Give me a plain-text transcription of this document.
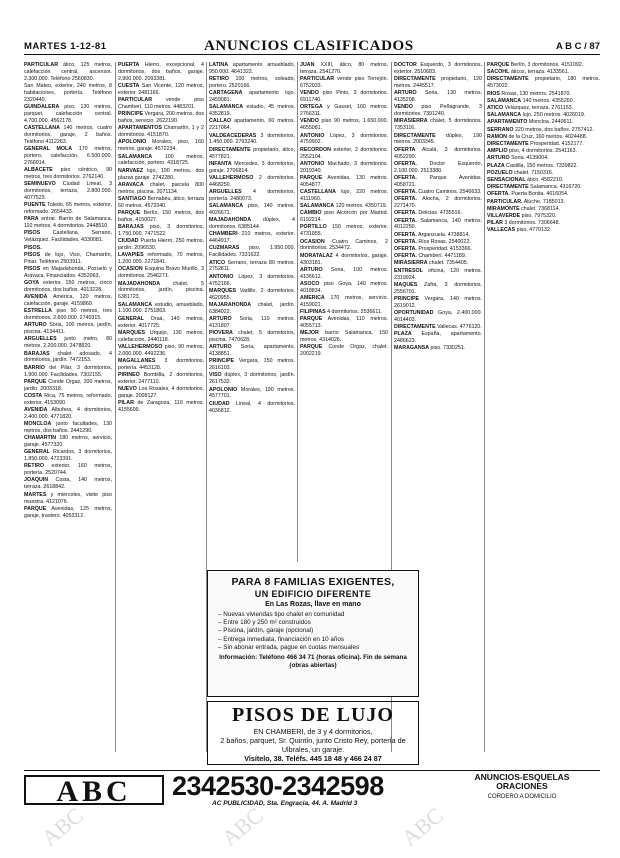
MARTES 1-12-81	ANUNCIOS CLASIFICADOS	A B C / 87

PARTICULAR ático, 125 metros, calefacción central, ascensor. 2.300.000. Teléfono 2560830.

San Mateo, exterior, 240 metros, 8 habitaciones, portería. Teléfono 2320440.

GUINDALERA piso, 130 metros, parquet, calefacción central. 4.700.000. 4562178.

CASTELLANA 140 metros, cuatro dormitorios, garaje, 2 baños. Teléfono 4112263.

GENERAL MOLA 170 metros, portero, calefacción. 6.500.000. 2766014.

ALBACETE piso céntrico, 90 metros, tres dormitorios. 2762140.

SEMINUEVO Ciudad Lineal, 3 dormitorios, terraza, 2.800.000. 4077523.

PUENTE Toledo, 65 metros, exterior, reformado. 2654433.

PARA entrar. Barrio de Salamanca, 110 metros, 4 dormitorios. 2448510.

PISOS Castellana, Serrano, Velázquez. Facilidades. 4330081.

PISOS.

PISOS de lujo, Viso, Chamartín, Pinar. Teléfono 2503911.

PISOS en Majadahonda, Pozuelo y Aravaca. Financiados. 4352063.

GOYA exterior, 150 metros, cinco dormitorios, dos baños. 4013228.

AVENIDA América, 120 metros, calefacción, garaje. 4159860.

ESTRELLA piso 90 metros, tres dormitorios, 2.600.000. 2740315.

ARTURO Soria, 100 metros, jardín, piscina. 4134411.

ARGUELLES junto metro, 80 metros, 2.200.000. 2478820.

BARAJAS chalet adosado, 4 dormitorios, jardín. 7472153.

BARRIO del Pilar, 3 dormitorios, 1.900.000. Facilidades. 7302155.

PARQUE Conde Orgaz, 200 metros, jardín. 2003318.

COSTA Rica, 75 metros, reformado, exterior. 4153090.

AVENIDA Albufera, 4 dormitorios, 2.400.000. 4771820.

MONCLOA junto facultades, 130 metros, dos baños. 2441290.

CHAMARTIN 180 metros, servicio, garaje. 4577320.

GENERAL Ricardos, 3 dormitorios, 1.850.000. 4723391.

RETIRO exterior, 160 metros, portería. 2520744.

JOAQUIN Costa, 140 metros, terraza. 2618842.

MARTES y miércoles, visite piso muestra. 4121076.

PARQUE Avenidas, 125 metros, garaje, trastero. 4053312.

PUERTA Hierro, excepcional, 4 dormitorios, dos baños, garaje. 2.900.000. 2093381.

CUESTA San Vicente, 120 metros, exterior. 2481166.

PARTICULAR vende piso Chamberí, 110 metros. 4483201.

PRINCIPE Vergara, 200 metros, dos baños, servicio. 2622190.

APARTAMENTOS Chamartín, 1 y 2 dormitorios. 4151870.

APOLONIO Morales, piso, 160 metros, garaje. 4572234.

SALAMANCA 100 metros, calefacción, portero. 4318725.

NARVAEZ lujo, 190 metros, dos plazas garaje. 2742280.

ARAVACA chalet, parcela 800 metros, piscina. 2071134.

SANTIAGO Bernabéu, ático, terraza 60 metros. 4573340.

PARQUE Berlín, 150 metros, dos baños. 4150027.

BARAJAS piso, 3 dormitorios, 1.750.000. 7471522.

CIUDAD Puerta Hierro, 250 metros, jardín. 2096530.

LAVAPIES reformado, 70 metros, 1.200.000. 2271841.

OCASION Esquina Bravo Murillo, 3 dormitorios. 2546271.

MAJADAHONDA chalet, 5 dormitorios, jardín, piscina. 6381723.

SALAMANCA estudio, amueblado, 1.100.000. 2751863.

GENERAL Oraá, 140 metros, exterior. 4017725.

MARQUES Urquijo, 130 metros, calefacción. 2440118.

VALLEHERMOSO piso, 90 metros, 2.000.000. 4492236.

MAGALLANES 3 dormitorios, portería. 4453128.

PIRINEO Bombilla, 2 dormitorios, exterior. 2477110.

NUEVO Los Rosales, 4 dormitorios, garaje. 2008127.

PILAR de Zaragoza, 110 metros. 4155609.

LATINA apartamento amueblado, 950.000. 4641322.

RETIRO 100 metros, soleado, portero. 2520166.

CARTAGENA apartamento lujo. 2459081.

SALAMANCA estudio, 45 metros. 4352819.

CALLAO apartamento, 60 metros. 2217064.

VALDEACEDERAS 3 dormitorios, 1.450.000. 2793240.

DIRECTAMENTE propietario, ático, 4577821.

INFANTA Mercedes, 3 dormitorios, garaje. 2706814.

VALLEHERMOSO 2 dormitorios. 4468250.

ARGUELLES 4 dormitorios, portería. 2480073.

SALAMANCA piso, 140 metros. 4026671.

MAJADAHONDA dúplex, 4 dormitorios. 6385144.

CHAMBERI 210 metros, exterior. 4464917.

CUZMARAS piso, 1.950.000. Facilidades. 7331622.

ATICO Serrano, terraza 80 metros. 2752811.

ANTONIO López, 3 dormitorios. 4752166.

MARQUES Vadillo, 2 dormitorios. 4620955.

MAJARAHONDA chalet, jardín. 6384022.

ARTURO Soria, 110 metros. 4131807.

PIOVERA chalet, 5 dormitorios, piscina. 7470628.

ARTURO Soria, apartamento. 4138851.

PRINCIPE Vergara, 150 metros. 2616103.

VISO dúplex, 3 dormitorios, jardín. 2617532.

APOLONIO Morales, 190 metros. 4577701.

CIUDAD Lineal, 4 dormitorios. 4036812.

JUAN XXIII, ático, 80 metros, terraza. 2541270.

PARTICULAR vende piso Torrejón. 6752033.

VENDO piso Pinto, 3 dormitorios. 6911740.

ORTEGA y Gasset, 160 metros. 2766311.

VENDO piso 90 metros, 1.650.000. 4655081.

ANTONIO López, 3 dormitorios. 4759902.

RECORDON exterior, 2 dormitorios. 2552104.

ANTONIO Machado, 3 dormitorios. 2019340.

PARQUE Avenidas, 130 metros. 4054877.

CASTELLANA lujo, 220 metros. 4111960.

SALAMANCA 120 metros. 4350719.

CAMBIO piso Alcorcón por Madrid. 6192214.

PORTILLO 150 metros, exterior. 4731055.

OCASION Cuatro Caminos, 2 dormitorios. 2534472.

MORATALAZ 4 dormitorios, garaje. 4303181.

ARTURO Soria, 100 metros. 4136612.

ASOCO piso Goya, 140 metros. 4018834.

AMERICA 170 metros, servicio. 4159021.

FILIPINAS 4 dormitorios. 2536611.

PARQUE Avenidas, 110 metros. 4055713.

MEJOR barrio Salamanca, 150 metros. 4314026.

PARQUE Conde Orgaz, chalet. 2002219.

DOCTOR Esquerdo, 3 dormitorios, exterior. 2510683.

DIRECTAMENTE propietario, 120 metros. 2445517.

ARTURO Soria, 130 metros. 4135208.

VENDO piso Peñagrande, 3 dormitorios. 7391240.

MIRASIERRA chalet, 5 dormitorios. 7353116.

DIRECTAMENTE dúplex, 190 metros. 2003345.

OFERTA Alcalá, 3 dormitorios. 4052290.

OFERTA. Doctor Esquerdo, 2.100.000. 2513380.

OFERTA. Parque Avenidas. 4058721.

OFERTA. Cuatro Caminos. 2546633.

OFERTA. Atocha, 2 dormitorios. 2271470.

OFERTA. Delicias. 4735516.

OFERTA. Salamanca, 140 metros. 4012250.

OFERTA. Arganzuela. 4738814.

OFERTA. Ríos Rosas. 2540022.

OFERTA. Prosperidad. 4153366.

OFERTA. Chamberí. 4471189.

MIRASIERRA chalet. 7354405.

ENTRESOL oficina, 120 metros. 2319924.

MAQUES Zafra, 3 dormitorios. 2556701.

PRINCIPE Vergara, 140 metros. 2619012.

OPORTUNIDAD Goya, 2.400.000. 4014403.

DIRECTAMENTE Vallecas. 4776120.

PLAZA España, apartamento. 2486623.

MARAGANSA piso. 7330251.

PARQUE Berlín, 3 dormitorios. 4151092.

SACOHL áticos, terraza. 4133561.

DIRECTAMENTE propietario, 180 metros. 4573022.

RIOS Rosas, 130 metros. 2541870.

SALAMANCA 140 metros. 4355260.

ATICO Velázquez, terraza. 2761153.

SALAMANCA lujo, 250 metros. 4026019.

APARTAMENTO Moncloa. 2440611.

SERRANO 220 metros, dos baños. 2757412.

RAMON de la Cruz, 160 metros. 4024488.

DIRECTAMENTE Prosperidad. 4152177.

AMPLIO piso, 4 dormitorios. 2541163.

ARTURO Soria. 4139004.

PLAZA Castilla, 150 metros. 7339822.

POZUELO chalet. 7150316.

SENSACIONAL ático. 4582210.

DIRECTAMENTE Salamanca. 4316720.

OFERTA. Puerta Bonita. 4616054.

PARTICULAR. Aluche. 7185013.

MIRAMONTE chalet. 7368114.

VILLAVERDE piso. 7975320.

PILAR 3 dormitorios. 7306648.

VALLECAS piso. 4770132.

PARA 8 FAMILIAS EXIGENTES,
UN EDIFICIO DIFERENTE
En Las Rozas, llave en mano
– Nuevas viviendas tipo chalet en comunidad
– Entre 180 y 250 m² construidos
– Piscina, jardín, garaje (opcional)
– Entrega inmediata, financiación en 10 años
– Sin abonar entrada, pague en cuotas mensuales
Información: Teléfono 466 34 71 (horas oficina). Fin de semana (obras abiertas)
PISOS DE LUJO
EN CHAMBERI, de 3 y 4 dormitorios,
2 baños, parquet, Sr. Quintín, junto Cristo Rey, portería de Ulbrales, un garaje.
Visítelo, 38. Teléfs. 445 18 48 y 466 24 87
ABC	2342530-2342598
AC PUBLICIDAD, Sta. Engracia, 44. A. Madrid 3
ANUNCIOS-ESQUELAS
ORACIONES
CORDERO A DOMICILIO
ABC	ABC	ABC
